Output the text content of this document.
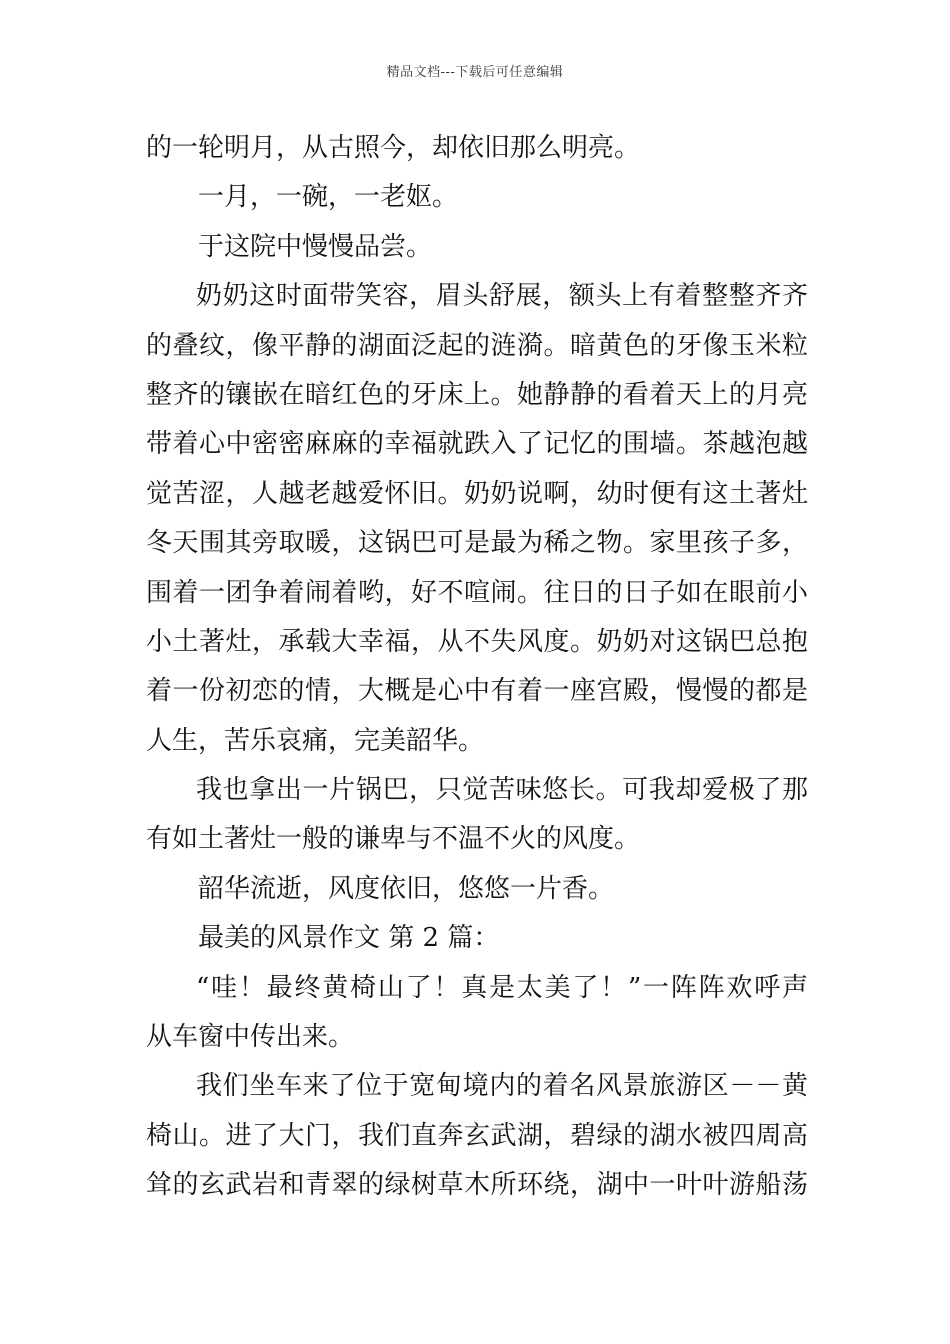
精品文档---下载后可任意编辑
的一轮明月，从古照今，却依旧那么明亮。
一月，一碗，一老妪。
于这院中慢慢品尝。
奶奶这时面带笑容，眉头舒展，额头上有着整整齐齐
的叠纹，像平静的湖面泛起的涟漪。暗黄色的牙像玉米粒
整齐的镶嵌在暗红色的牙床上。她静静的看着天上的月亮
带着心中密密麻麻的幸福就跌入了记忆的围墙。茶越泡越
觉苦涩，人越老越爱怀旧。奶奶说啊，幼时便有这土著灶
冬天围其旁取暖，这锅巴可是最为稀之物。家里孩子多，
围着一团争着闹着哟，好不喧闹。往日的日子如在眼前小
小土著灶，承载大幸福，从不失风度。奶奶对这锅巴总抱
着一份初恋的情，大概是心中有着一座宫殿，慢慢的都是
人生，苦乐哀痛，完美韶华。
我也拿出一片锅巴，只觉苦味悠长。可我却爱极了那
有如土著灶一般的谦卑与不温不火的风度。
韶华流逝，风度依旧，悠悠一片香。
最美的风景作文 第 2 篇：
“哇！最终黄椅山了！真是太美了！”一阵阵欢呼声
从车窗中传出来。
我们坐车来了位于宽甸境内的着名风景旅游区－－黄
椅山。进了大门，我们直奔玄武湖，碧绿的湖水被四周高
耸的玄武岩和青翠的绿树草木所环绕，湖中一叶叶游船荡
